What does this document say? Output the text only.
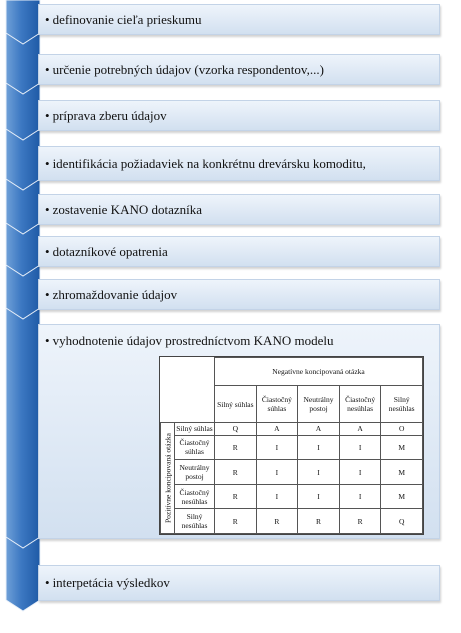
• definovanie cieľa prieskumu
• určenie potrebných údajov (vzorka respondentov,...)
• príprava zberu údajov
• identifikácia požiadaviek na konkrétnu drevársku komoditu,
• zostavenie KANO dotazníka
• dotazníkové opatrenia
• zhromaždovanie údajov
• vyhodnotenie údajov prostredníctvom KANO modelu
• interpetácia výsledkov
		Negatívne koncipovaná otázka				
		Silný súhlas	Čiastočný súhlas	Neutrálny postoj	Čiastočný nesúhlas	Silný nesúhlas

Pozitívne koncipovaná otázka	Silný súhlas	Q	A	A	A	O
	Čiastočný súhlas	R	I	I	I	M
	Neutrálny postoj	R	I	I	I	M
	Čiastočný nesúhlas	R	I	I	I	M
	Silný nesúhlas	R	R	R	R	Q
